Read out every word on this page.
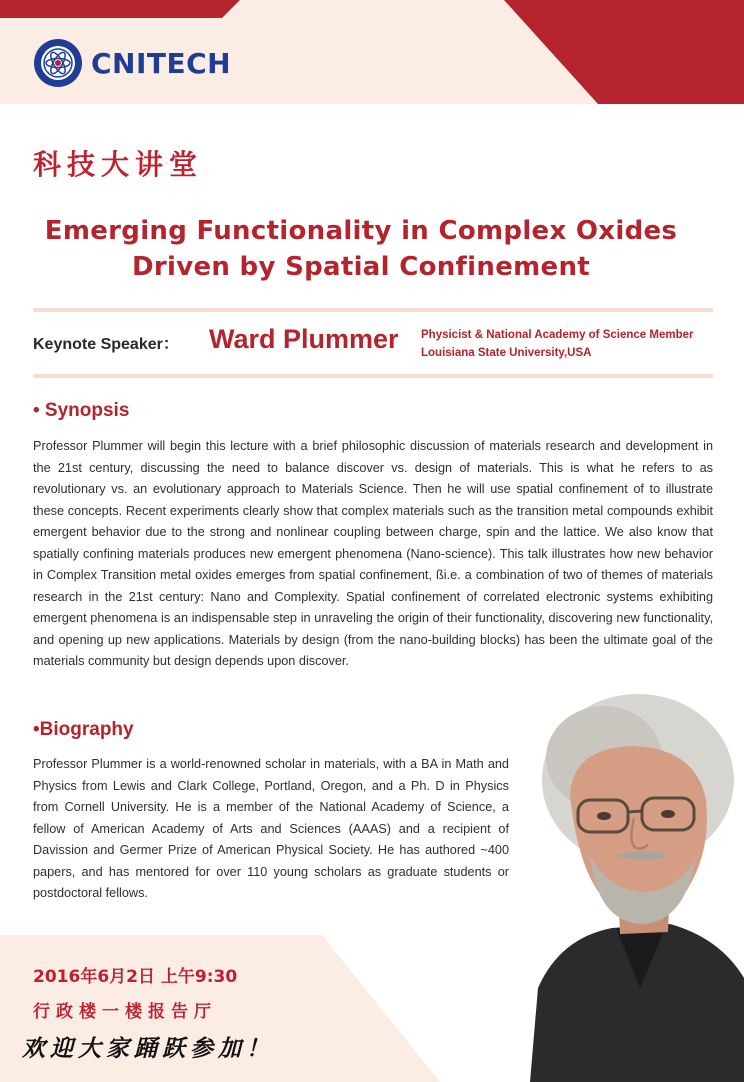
CNITECH
科技大讲堂
Emerging Functionality in Complex Oxides
Driven by Spatial Confinement
Keynote Speaker： Ward Plummer Physicist & National Academy of Science Member
Louisiana State University,USA
• Synopsis
Professor Plummer will begin this lecture with a brief philosophic discussion of materials research and development in the 21st century, discussing the need to balance discover vs. design of materials. This is what he refers to as revolutionary vs. an evolutionary approach to Materials Science. Then he will use spatial confinement of to illustrate these concepts. Recent experiments clearly show that complex materials such as the transition metal compounds exhibit emergent behavior due to the strong and nonlinear coupling between charge, spin and the lattice. We also know that spatially confining materials produces new emergent phenomena (Nano-science). This talk illustrates how new behavior in Complex Transition metal oxides emerges from spatial confinement, ßi.e. a combination of two of themes of materials research in the 21st century: Nano and Complexity. Spatial confinement of correlated electronic systems exhibiting emergent phenomena is an indispensable step in unraveling the origin of their functionality, discovering new functionality, and opening up new applications. Materials by design (from the nano-building blocks) has been the ultimate goal of the materials community but design depends upon discover.
•Biography
Professor Plummer is a world-renowned scholar in materials, with a BA in Math and Physics from Lewis and Clark College, Portland, Oregon, and a Ph. D in Physics from Cornell University. He is a member of the National Academy of Science, a fellow of American Academy of Arts and Sciences (AAAS) and a recipient of Davission and Germer Prize of American Physical Society. He has authored ~400 papers, and has mentored for over 110 young scholars as graduate students or postdoctoral fellows.
2016年6月2日 上午9:30
行政楼一楼报告厅
欢迎大家踊跃参加！
